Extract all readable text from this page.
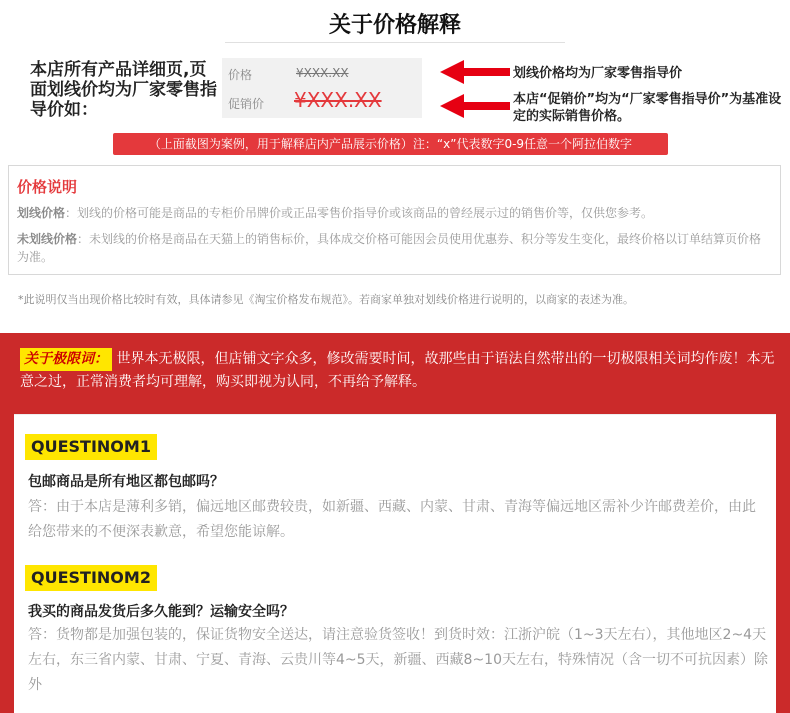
关于价格解释
本店所有产品详细页,页面划线价均为厂家零售指导价如：
价格	¥XXX.XX
促销价 ¥XXX.XX
划线价格均为厂家零售指导价
本店“促销价”均为“厂家零售指导价”为基准设定的实际销售价格。
（上面截图为案例，用于解释店内产品展示价格）注：“x”代表数字0-9任意一个阿拉伯数字
价格说明
划线价格：划线的价格可能是商品的专柜价吊牌价或正品零售价指导价或该商品的曾经展示过的销售价等，仅供您参考。
未划线价格：未划线的价格是商品在天猫上的销售标价，具体成交价格可能因会员使用优惠券、积分等发生变化，最终价格以订单结算页价格为准。
*此说明仅当出现价格比较时有效，具体请参见《淘宝价格发布规范》。若商家单独对划线价格进行说明的，以商家的表述为准。
关于极限词： 世界本无极限，但店铺文字众多，修改需要时间，故那些由于语法自然带出的一切极限相关词均作废！本无意之过，正常消费者均可理解，购买即视为认同，不再给予解释。
QUESTINOM1
包邮商品是所有地区都包邮吗？
答：由于本店是薄利多销，偏远地区邮费较贵，如新疆、西藏、内蒙、甘肃、青海等偏远地区需补少许邮费差价，由此给您带来的不便深表歉意，希望您能谅解。
QUESTINOM2
我买的商品发货后多久能到？运输安全吗？
答：货物都是加强包装的，保证货物安全送达，请注意验货签收！到货时效：江浙沪皖（1~3天左右），其他地区2~4天左右，东三省内蒙、甘肃、宁夏、青海、云贵川等4~5天，新疆、西藏8~10天左右，特殊情况（含一切不可抗因素）除外
